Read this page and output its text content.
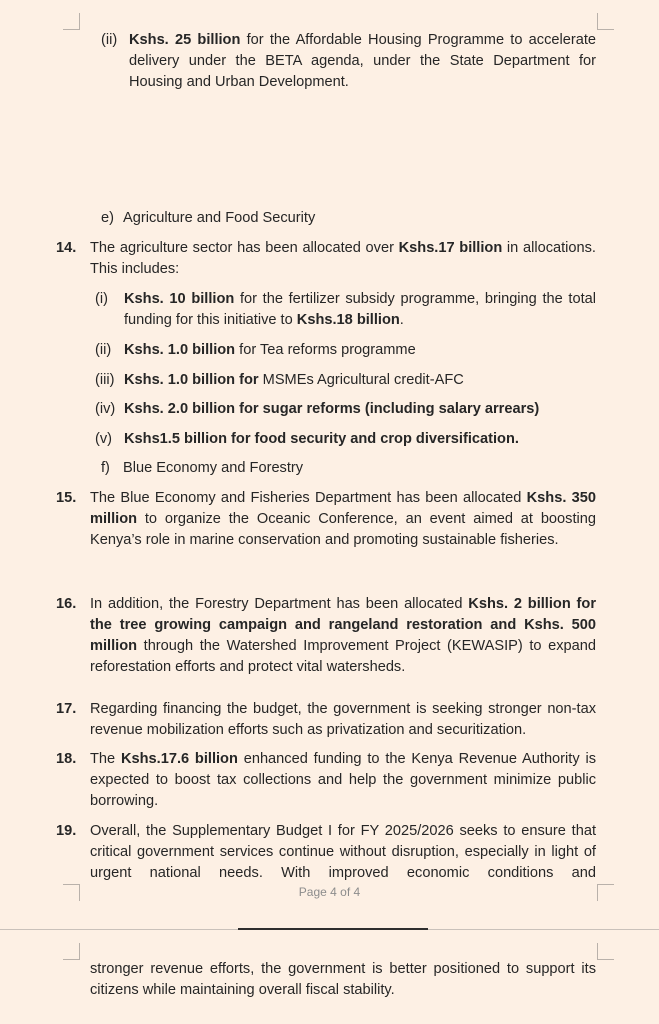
(ii) Kshs. 25 billion for the Affordable Housing Programme to accelerate delivery under the BETA agenda, under the State Department for Housing and Urban Development.
e) Agriculture and Food Security
14. The agriculture sector has been allocated over Kshs.17 billion in allocations. This includes:
(i) Kshs. 10 billion for the fertilizer subsidy programme, bringing the total funding for this initiative to Kshs.18 billion.
(ii) Kshs. 1.0 billion for Tea reforms programme
(iii) Kshs. 1.0 billion for MSMEs Agricultural credit-AFC
(iv) Kshs. 2.0 billion for sugar reforms (including salary arrears)
(v) Kshs1.5 billion for food security and crop diversification.
f) Blue Economy and Forestry
15. The Blue Economy and Fisheries Department has been allocated Kshs. 350 million to organize the Oceanic Conference, an event aimed at boosting Kenya’s role in marine conservation and promoting sustainable fisheries.
16. In addition, the Forestry Department has been allocated Kshs. 2 billion for the tree growing campaign and rangeland restoration and Kshs. 500 million through the Watershed Improvement Project (KEWASIP) to expand reforestation efforts and protect vital watersheds.
17. Regarding financing the budget, the government is seeking stronger non-tax revenue mobilization efforts such as privatization and securitization.
18. The Kshs.17.6 billion enhanced funding to the Kenya Revenue Authority is expected to boost tax collections and help the government minimize public borrowing.
19. Overall, the Supplementary Budget I for FY 2025/2026 seeks to ensure that critical government services continue without disruption, especially in light of urgent national needs. With improved economic conditions and
Page 4 of 4
stronger revenue efforts, the government is better positioned to support its citizens while maintaining overall fiscal stability.
